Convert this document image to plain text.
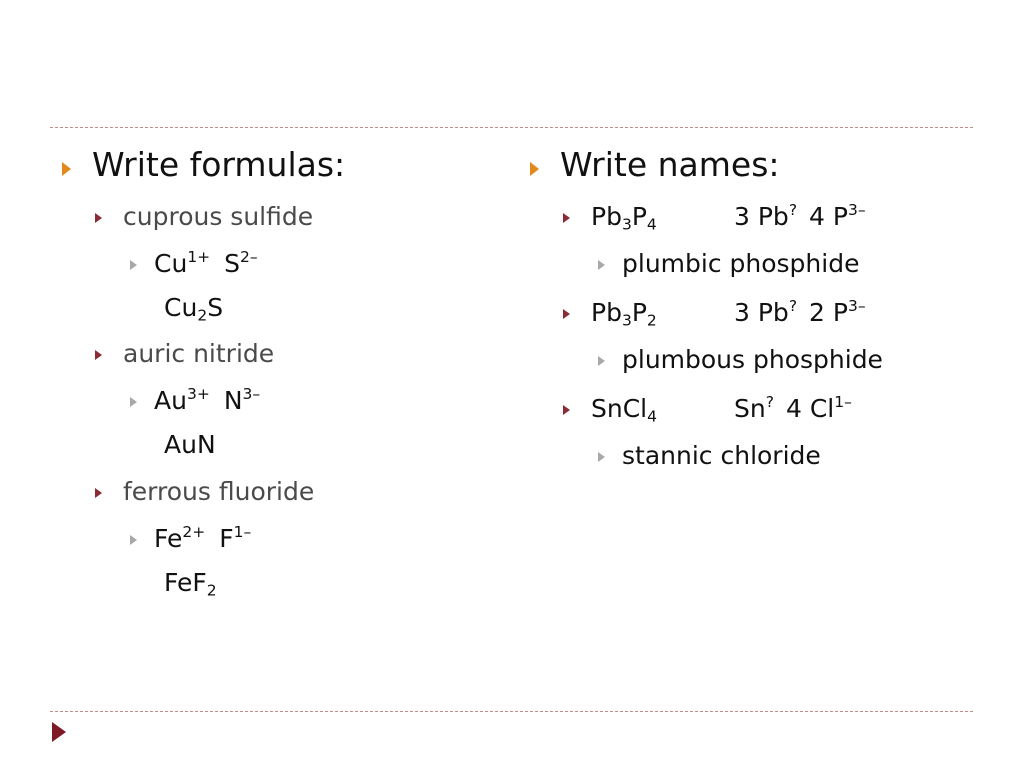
Write formulas:
cuprous sulfide
$Cu^{1+}$ $S^{2-}$
$Cu_2S$
auric nitride
$Au^{3+}$ $N^{3-}$
AuN
ferrous fluoride
$Fe^{2+}$ $F^{1-}$
FeF$_2$
Write names:
$Pb_3P_4$	3 Pb? 4 $P^{3-}$
plumbic phosphide
$Pb_3P_2$	3 Pb? 2 $P^{3-}$
plumbous phosphide
SnCl$_4$	Sn? 4 $Cl^{1-}$
stannic chloride
